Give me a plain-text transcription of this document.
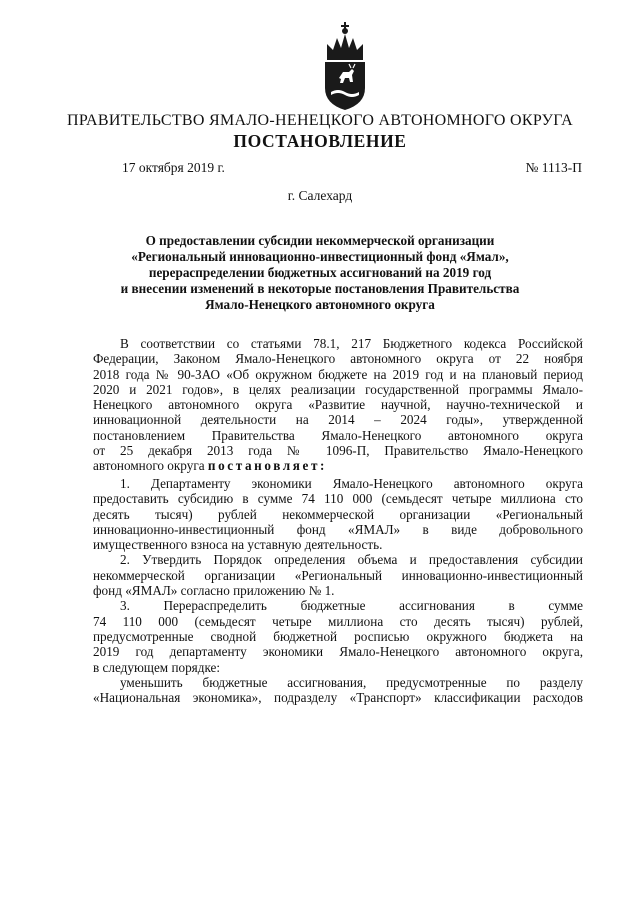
ПРАВИТЕЛЬСТВО ЯМАЛО-НЕНЕЦКОГО АВТОНОМНОГО ОКРУГА
ПОСТАНОВЛЕНИЕ
17 октября 2019 г.	№ 1113-П
г. Салехард
О предоставлении субсидии некоммерческой организации
«Региональный инновационно-инвестиционный фонд «Ямал»,
перераспределении бюджетных ассигнований на 2019 год
и внесении изменений в некоторые постановления Правительства
Ямало-Ненецкого автономного округа
В соответствии со статьями 78.1, 217 Бюджетного кодекса Российской
Федерации, Законом Ямало-Ненецкого автономного округа от 22 ноября
2018 года № 90-ЗАО «Об окружном бюджете на 2019 год и на плановый период
2020 и 2021 годов», в целях реализации государственной программы Ямало-
Ненецкого автономного округа «Развитие научной, научно-технической и
инновационной деятельности на 2014 – 2024 годы», утвержденной
постановлением Правительства Ямало-Ненецкого автономного округа
от 25 декабря 2013 года № 1096-П, Правительство Ямало-Ненецкого
автономного округа постановляет:
1. Департаменту экономики Ямало-Ненецкого автономного округа
предоставить субсидию в сумме 74 110 000 (семьдесят четыре миллиона сто
десять тысяч) рублей некоммерческой организации «Региональный
инновационно-инвестиционный фонд «ЯМАЛ» в виде добровольного
имущественного взноса на уставную деятельность.
2. Утвердить Порядок определения объема и предоставления субсидии
некоммерческой организации «Региональный инновационно-инвестиционный
фонд «ЯМАЛ» согласно приложению № 1.
3. Перераспределить бюджетные ассигнования в сумме
74 110 000 (семьдесят четыре миллиона сто десять тысяч) рублей,
предусмотренные сводной бюджетной росписью окружного бюджета на
2019 год департаменту экономики Ямало-Ненецкого автономного округа,
в следующем порядке:
уменьшить бюджетные ассигнования, предусмотренные по разделу
«Национальная экономика», подразделу «Транспорт» классификации расходов
